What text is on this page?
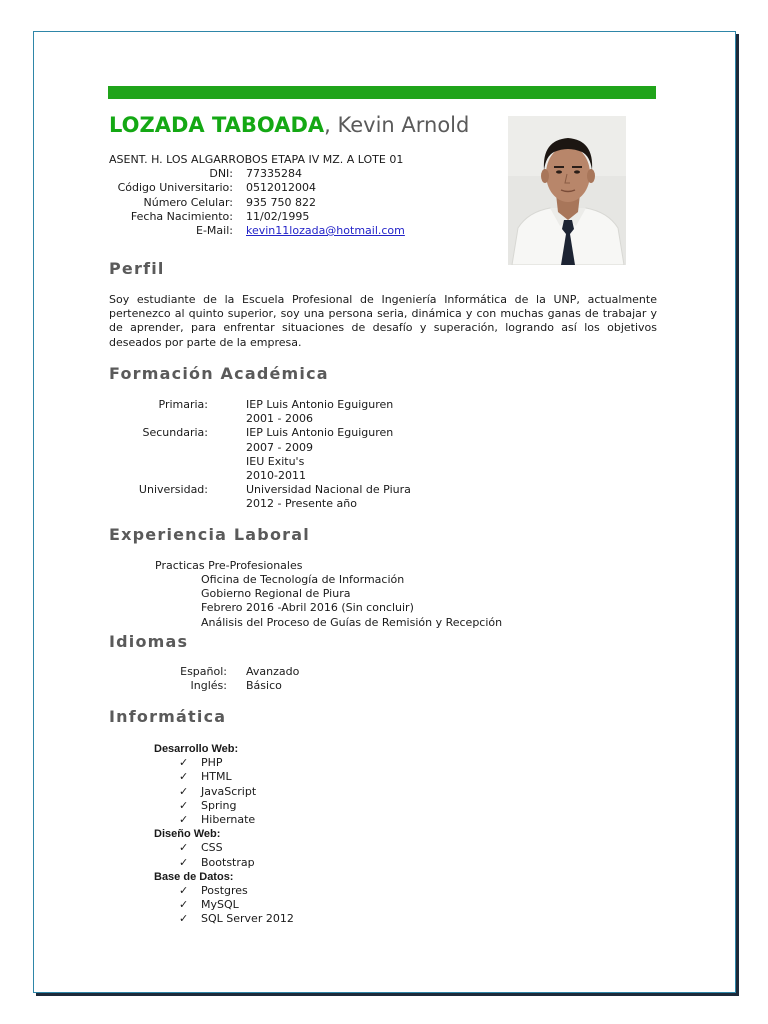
LOZADA TABOADA, Kevin Arnold
ASENT. H. LOS ALGARROBOS ETAPA IV MZ. A LOTE 01
DNI: 77335284
Código Universitario: 0512012004
Número Celular: 935 750 822
Fecha Nacimiento: 11/02/1995
E-Mail: kevin11lozada@hotmail.com
Perfil
Soy estudiante de la Escuela Profesional de Ingeniería Informática de la UNP, actualmente pertenezco al quinto superior, soy una persona seria, dinámica y con muchas ganas de trabajar y de aprender, para enfrentar situaciones de desafío y superación, logrando así los objetivos deseados por parte de la empresa.
Formación Académica
Primaria:	IEP Luis Antonio Eguiguren
2001 - 2006
Secundaria:	IEP Luis Antonio Eguiguren
2007 - 2009
IEU Exitu's
2010-2011
Universidad:	Universidad Nacional de Piura
2012 - Presente año
Experiencia Laboral
Practicas Pre-Profesionales
Oficina de Tecnología de Información
Gobierno Regional de Piura
Febrero 2016 -Abril 2016 (Sin concluir)
Análisis del Proceso de Guías de Remisión y Recepción
Idiomas
Español: Avanzado
Inglés: Básico
Informática
Desarrollo Web:
✓ PHP
✓ HTML
✓ JavaScript
✓ Spring
✓ Hibernate
Diseño Web:
✓ CSS
✓ Bootstrap
Base de Datos:
✓ Postgres
✓ MySQL
✓ SQL Server 2012
